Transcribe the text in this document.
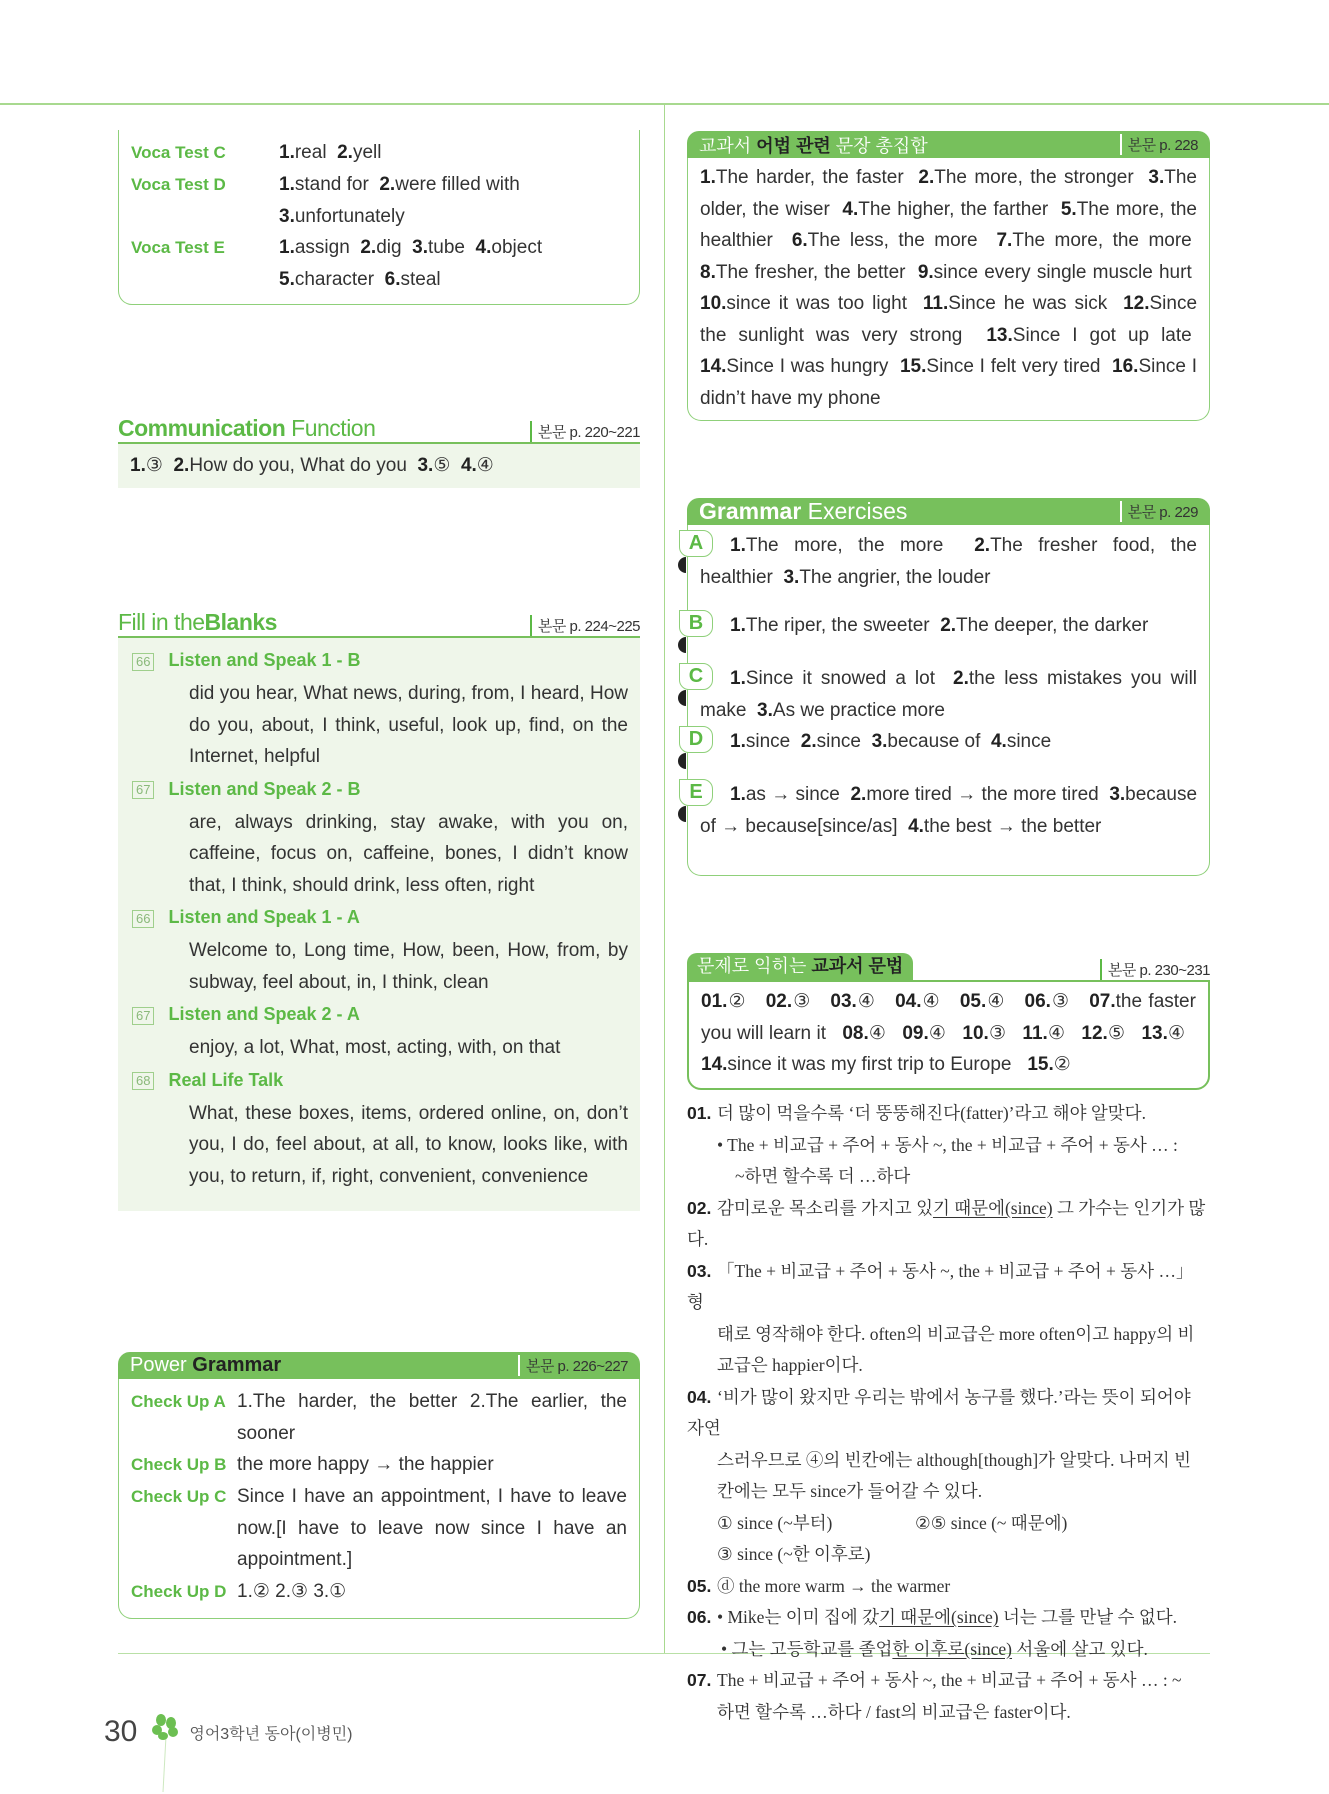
Voca Test C	1.real 2.yell
Voca Test D	1.stand for 2.were filled with
3.unfortunately
Voca Test E	1.assign 2.dig 3.tube 4.object
5.character 6.steal
Communication Function	본문 p. 220~221
1.③ 2.How do you, What do you 3.⑤ 4.④
Fill in theBlanks	본문 p. 224~225
66 Listen and Speak 1 - B
did you hear, What news, during, from, I heard, How do you, about, I think, useful, look up, find, on the Internet, helpful
67 Listen and Speak 2 - B
are, always drinking, stay awake, with you on, caffeine, focus on, caffeine, bones, I didn’t know that, I think, should drink, less often, right
66 Listen and Speak 1 - A
Welcome to, Long time, How, been, How, from, by subway, feel about, in, I think, clean
67 Listen and Speak 2 - A
enjoy, a lot, What, most, acting, with, on that
68 Real Life Talk
What, these boxes, items, ordered online, on, don’t you, I do, feel about, at all, to know, looks like, with you, to return, if, right, convenient, convenience
Power Grammar	본문 p. 226~227
Check Up A 1.The harder, the better 2.The earlier, the sooner
Check Up B the more happy → the happier
Check Up C Since I have an appointment, I have to leave now.[I have to leave now since I have an appointment.]
Check Up D 1.② 2.③ 3.①
교과서 어법 관련 문장 총집합	본문 p. 228
1.The harder, the faster 2.The more, the stronger 3.The older, the wiser 4.The higher, the farther 5.The more, the healthier 6.The less, the more 7.The more, the more  8.The fresher, the better 9.since every single muscle hurt  10.since it was too light 11.Since he was sick 12.Since the sunlight was very strong 13.Since I got up late  14.Since I was hungry 15.Since I felt very tired 16.Since I didn’t have my phone
Grammar Exercises	본문 p. 229
A	1.The more, the more 2.The fresher food, the healthier 3.The angrier, the louder
B	1.The riper, the sweeter 2.The deeper, the darker
C	1.Since it snowed a lot 2.the less mistakes you will make 3.As we practice more
D	1.since 2.since 3.because of 4.since
E	1.as → since 2.more tired → the more tired 3.because of → because[since/as] 4.the best → the better
문제로 익히는 교과서 문법	본문 p. 230~231
01.② 02.③ 03.④ 04.④ 05.④ 06.③ 07.the faster you will learn it 08.④ 09.④ 10.③ 11.④ 12.⑤ 13.④   14.since it was my first trip to Europe 15.②
01. 더 많이 먹을수록 ‘더 뚱뚱해진다(fatter)’라고 해야 알맞다.
• The + 비교급 + 주어 + 동사 ~, the + 비교급 + 주어 + 동사 … :
~하면 할수록 더 …하다
02. 감미로운 목소리를 가지고 있기 때문에(since) 그 가수는 인기가 많다.
03. 「The + 비교급 + 주어 + 동사 ~, the + 비교급 + 주어 + 동사 …」 형
태로 영작해야 한다. often의 비교급은 more often이고 happy의 비
교급은 happier이다.
04. ‘비가 많이 왔지만 우리는 밖에서 농구를 했다.’라는 뜻이 되어야 자연
스러우므로 ④의 빈칸에는 although[though]가 알맞다. 나머지 빈
칸에는 모두 since가 들어갈 수 있다.
① since (~부터)	②⑤ since (~ 때문에)
③ since (~한 이후로)
05. ⓓ the more warm → the warmer
06. • Mike는 이미 집에 갔기 때문에(since) 너는 그를 만날 수 없다.
• 그는 고등학교를 졸업한 이후로(since) 서울에 살고 있다.
07. The + 비교급 + 주어 + 동사 ~, the + 비교급 + 주어 + 동사 … : ~
하면 할수록 …하다 / fast의 비교급은 faster이다.
30	영어3학년 동아(이병민)
